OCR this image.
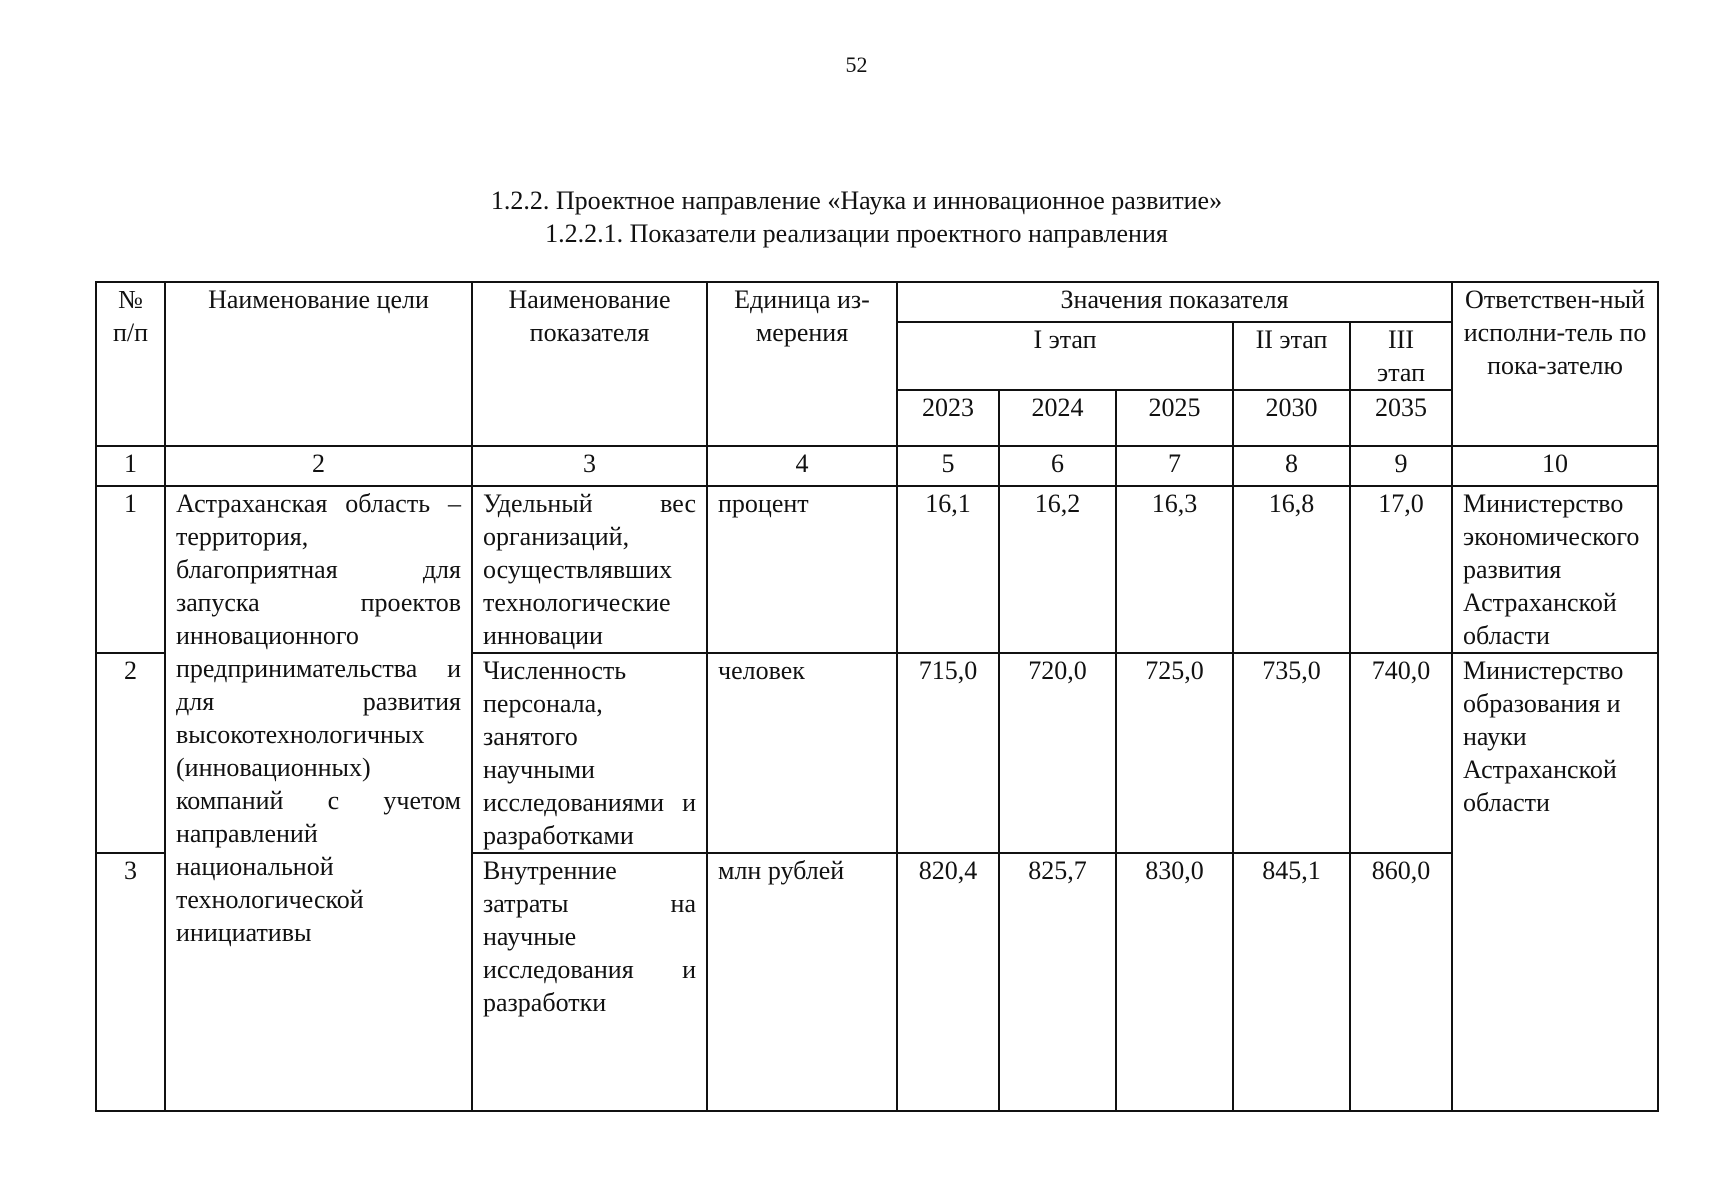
52
1.2.2. Проектное направление «Наука и инновационное развитие»
1.2.2.1. Показатели реализации проектного направления
№ п/п	Наименование цели	Наименование показателя	Единица из-мерения	Значения показателя					Ответствен-ный исполни-тель по пока-зателю
				I этап			II этап	III этап	
				2023	2024	2025	2030	2035	
1	2	3	4	5	6	7	8	9	10
1	Астраханская область – территория, благоприятная для запуска проектов инновационного предпринимательства и для развития высокотехнологичных (инновационных) компаний с учетом направлений национальной технологической инициативы	Удельный вес организаций, осуществлявших технологические инновации	процент	16,1	16,2	16,3	16,8	17,0	Министерство экономического развития Астраханской области
2		Численность персонала, занятого научными исследованиями и разработками	человек	715,0	720,0	725,0	735,0	740,0	Министерство образования и науки Астраханской области
3		Внутренние затраты на научные исследования и разработки	млн рублей	820,4	825,7	830,0	845,1	860,0	
